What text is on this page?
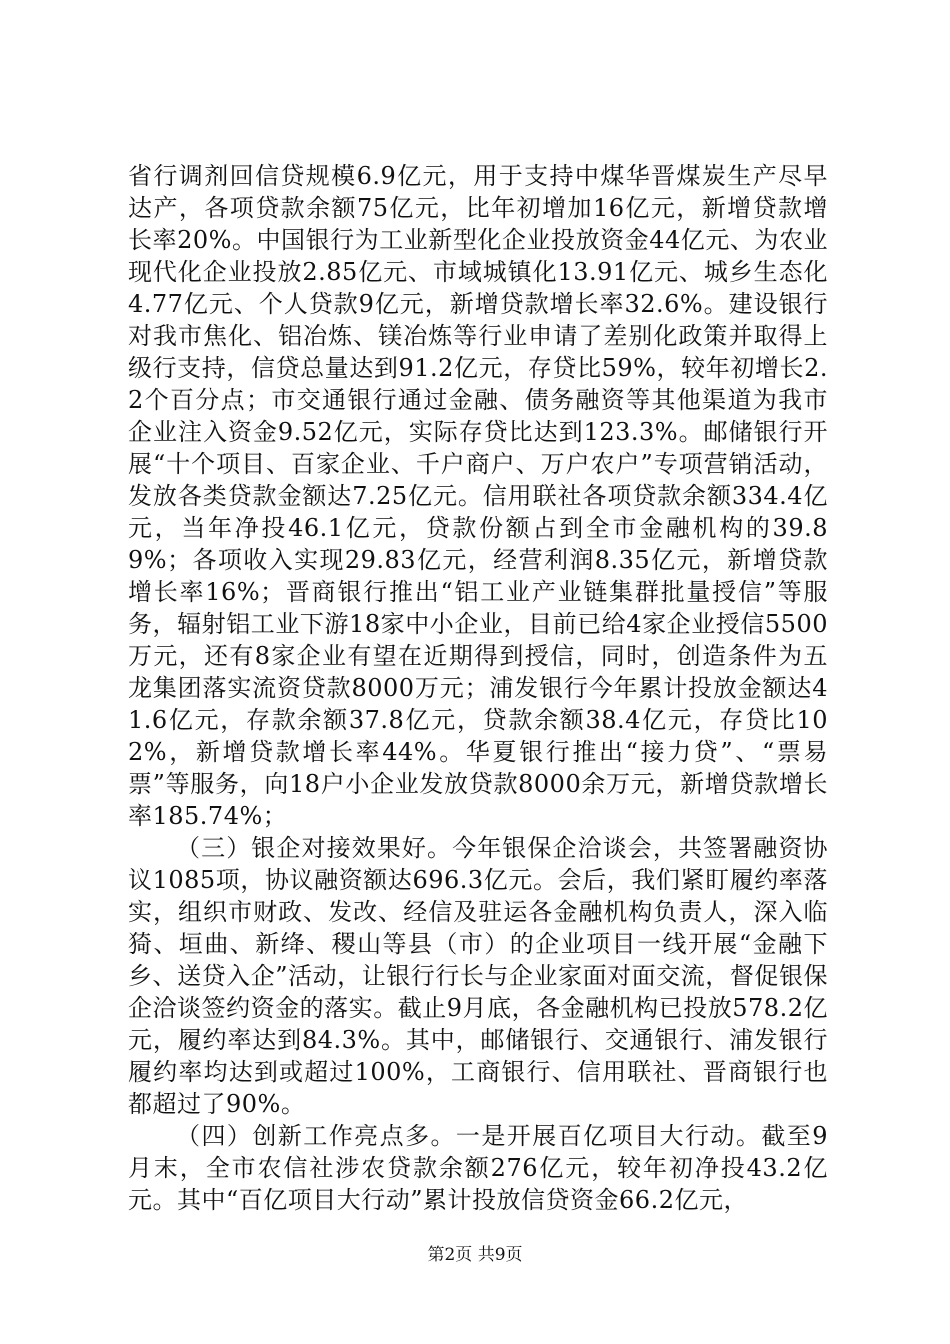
省行调剂回信贷规模6.9亿元，用于支持中煤华晋煤炭生产尽早达产，各项贷款余额75亿元，比年初增加16亿元，新增贷款增长率20%。中国银行为工业新型化企业投放资金44亿元、为农业现代化企业投放2.85亿元、市域城镇化13.91亿元、城乡生态化4.77亿元、个人贷款9亿元，新增贷款增长率32.6%。建设银行对我市焦化、铝冶炼、镁冶炼等行业申请了差别化政策并取得上级行支持，信贷总量达到91.2亿元，存贷比59%，较年初增长2.2个百分点；市交通银行通过金融、债务融资等其他渠道为我市企业注入资金9.52亿元，实际存贷比达到123.3%。邮储银行开展“十个项目、百家企业、千户商户、万户农户”专项营销活动，发放各类贷款金额达7.25亿元。信用联社各项贷款余额334.4亿元，当年净投46.1亿元，贷款份额占到全市金融机构的39.89%；各项收入实现29.83亿元，经营利润8.35亿元，新增贷款增长率16%；晋商银行推出“铝工业产业链集群批量授信”等服务，辐射铝工业下游18家中小企业，目前已给4家企业授信5500万元，还有8家企业有望在近期得到授信，同时，创造条件为五龙集团落实流资贷款8000万元；浦发银行今年累计投放金额达41.6亿元，存款余额37.8亿元，贷款余额38.4亿元，存贷比102%，新增贷款增长率44%。华夏银行推出“接力贷”、“票易票”等服务，向18户小企业发放贷款8000余万元，新增贷款增长率185.74%；

（三）银企对接效果好。今年银保企洽谈会，共签署融资协议1085项，协议融资额达696.3亿元。会后，我们紧盯履约率落实，组织市财政、发改、经信及驻运各金融机构负责人，深入临猗、垣曲、新绛、稷山等县（市）的企业项目一线开展“金融下乡、送贷入企”活动，让银行行长与企业家面对面交流，督促银保企洽谈签约资金的落实。截止9月底，各金融机构已投放578.2亿元，履约率达到84.3%。其中，邮储银行、交通银行、浦发银行履约率均达到或超过100%，工商银行、信用联社、晋商银行也都超过了90%。

（四）创新工作亮点多。一是开展百亿项目大行动。截至9月末，全市农信社涉农贷款余额276亿元，较年初净投43.2亿元。其中“百亿项目大行动”累计投放信贷资金66.2亿元，

第2页 共9页
